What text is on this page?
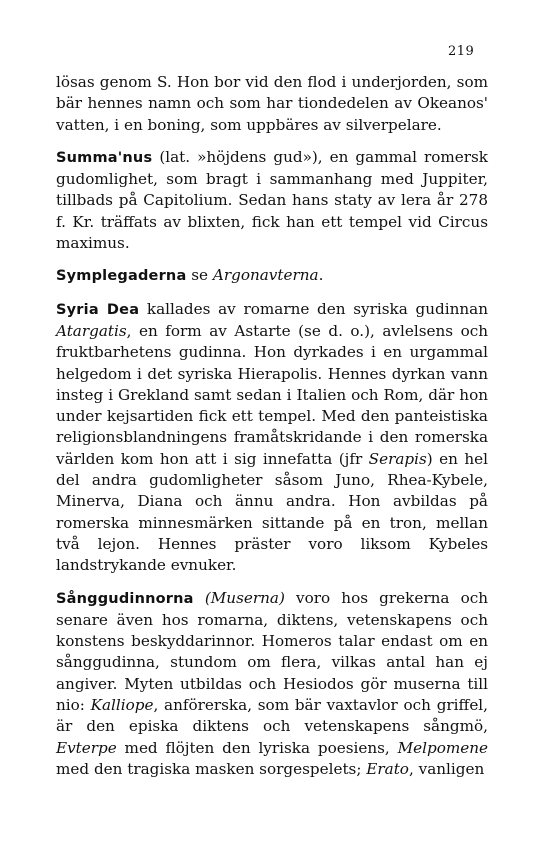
219

lösas genom S. Hon bor vid den flod i underjorden, som bär hennes namn och som har tiondedelen av Okeanos' vatten, i en boning, som uppbäres av silverpelare.

Summa'nus (lat. »höjdens gud»), en gammal romersk gudomlighet, som bragt i sammanhang med Juppiter, tillbads på Capitolium. Sedan hans staty av lera år 278 f. Kr. träffats av blixten, fick han ett tempel vid Circus maximus.

Symplegaderna se Argonavterna.

Syria Dea kallades av romarne den syriska gudinnan Atargatis, en form av Astarte (se d. o.), avlelsens och fruktbarhetens gudinna. Hon dyrkades i en urgammal helgedom i det syriska Hierapolis. Hennes dyrkan vann insteg i Grekland samt sedan i Italien och Rom, där hon under kejsartiden fick ett tempel. Med den panteistiska religionsblandningens framåtskridande i den romerska världen kom hon att i sig innefatta (jfr Serapis) en hel del andra gudomligheter såsom Juno, Rhea-Kybele, Minerva, Diana och ännu andra. Hon avbildas på romerska minnesmärken sittande på en tron, mellan två lejon. Hennes präster voro liksom Kybeles landstrykande evnuker.

Sånggudinnorna (Muserna) voro hos grekerna och senare även hos romarna, diktens, vetenskapens och konstens beskyddarinnor. Homeros talar endast om en sånggudinna, stundom om flera, vilkas antal han ej angiver. Myten utbildas och Hesiodos gör muserna till nio: Kalliope, anförerska, som bär vaxtavlor och griffel, är den episka diktens och vetenskapens sångmö, Evterpe med flöjten den lyriska poesiens, Melpomene med den tragiska masken sorgespelets; Erato, vanligen
